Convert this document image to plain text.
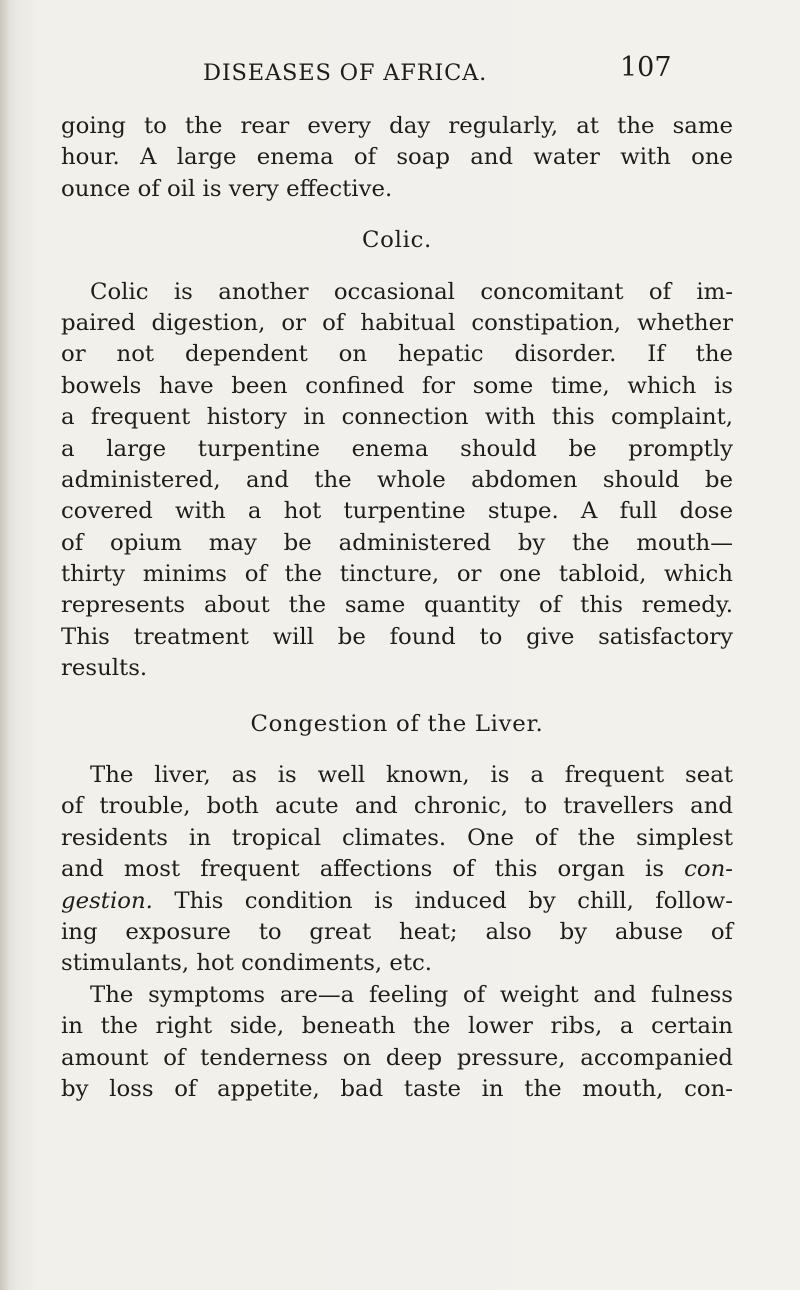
DISEASES OF AFRICA.	107
going to the rear every day regularly, at the same
hour. A large enema of soap and water with one
ounce of oil is very effective.
Colic.
Colic is another occasional concomitant of im-
paired digestion, or of habitual constipation, whether
or not dependent on hepatic disorder. If the
bowels have been confined for some time, which is
a frequent history in connection with this complaint,
a large turpentine enema should be promptly
administered, and the whole abdomen should be
covered with a hot turpentine stupe. A full dose
of opium may be administered by the mouth—
thirty minims of the tincture, or one tabloid, which
represents about the same quantity of this remedy.
This treatment will be found to give satisfactory
results.
Congestion of the Liver.
The liver, as is well known, is a frequent seat
of trouble, both acute and chronic, to travellers and
residents in tropical climates. One of the simplest
and most frequent affections of this organ is con-
gestion. This condition is induced by chill, follow-
ing exposure to great heat; also by abuse of
stimulants, hot condiments, etc.
The symptoms are—a feeling of weight and fulness
in the right side, beneath the lower ribs, a certain
amount of tenderness on deep pressure, accompanied
by loss of appetite, bad taste in the mouth, con-
